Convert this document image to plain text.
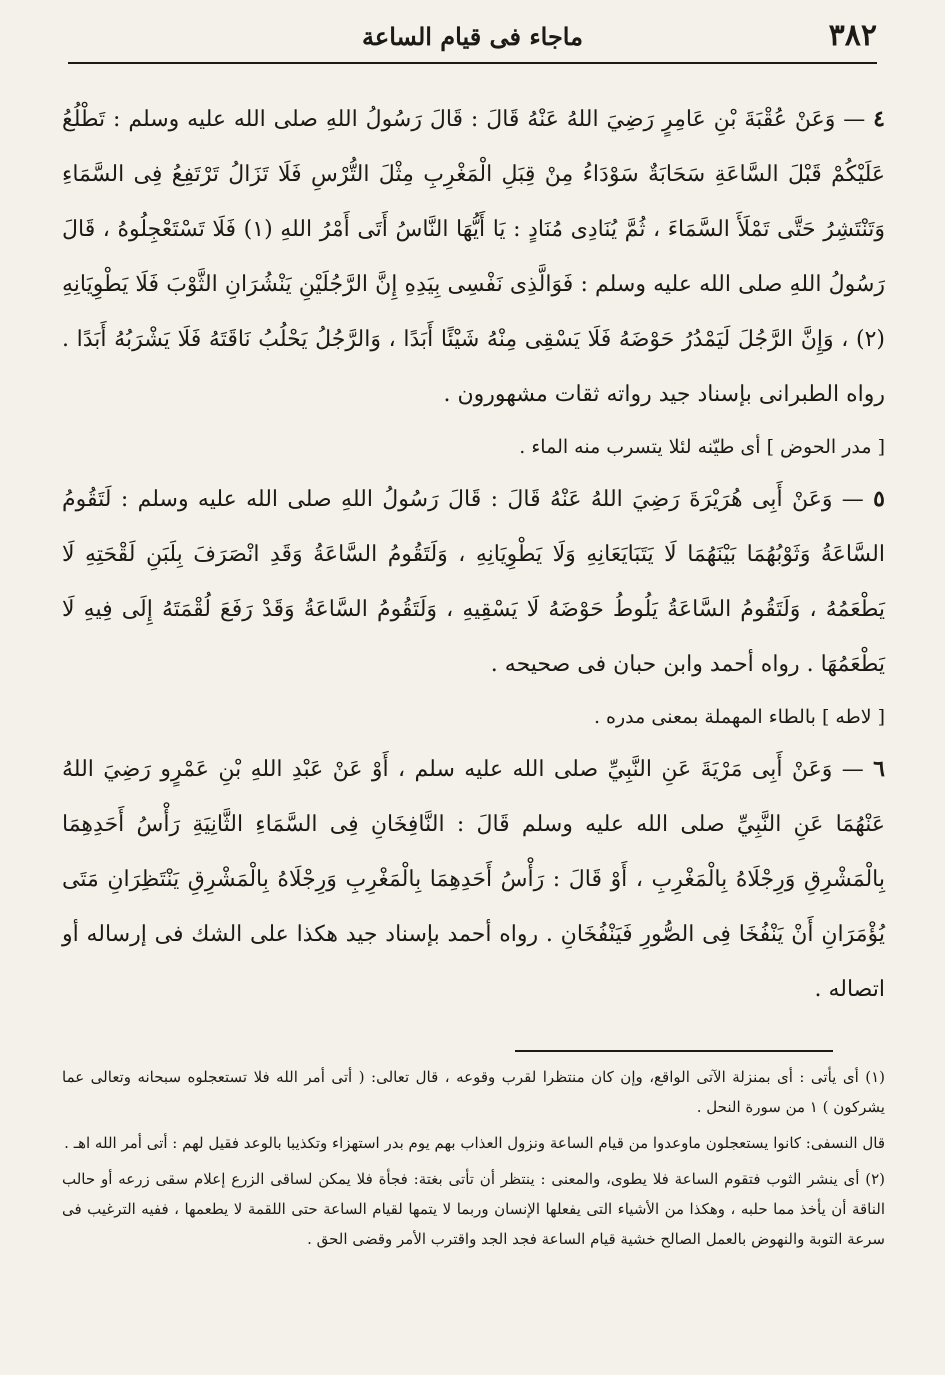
٣٨٢
ماجاء فى قيام الساعة

٤ — وَعَنْ عُقْبَةَ بْنِ عَامِرٍ رَضِيَ اللهُ عَنْهُ قَالَ : قَالَ رَسُولُ اللهِ صلى الله عليه وسلم : تَطْلُعُ عَلَيْكُمْ قَبْلَ السَّاعَةِ سَحَابَةٌ سَوْدَاءُ مِنْ قِبَلِ الْمَغْرِبِ مِثْلَ التُّرْسِ فَلَا تَزَالُ تَرْتَفِعُ فِى السَّمَاءِ وَتَنْتَشِرُ حَتَّى تَمْلَأَ السَّمَاءَ ، ثُمَّ يُنَادِى مُنَادٍ : يَا أَيُّهَا النَّاسُ أَتَى أَمْرُ اللهِ (١) فَلَا تَسْتَعْجِلُوهُ ، قَالَ رَسُولُ اللهِ صلى الله عليه وسلم : فَوَالَّذِى نَفْسِى بِيَدِهِ إِنَّ الرَّجُلَيْنِ يَنْشُرَانِ الثَّوْبَ فَلَا يَطْوِيَانِهِ (٢) ، وَإِنَّ الرَّجُلَ لَيَمْدُرُ حَوْضَهُ فَلَا يَسْقِى مِنْهُ شَيْئًا أَبَدًا ، وَالرَّجُلُ يَحْلُبُ نَاقَتَهُ فَلَا يَشْرَبُهُ أَبَدًا . رواه الطبرانى بإسناد جيد رواته ثقات مشهورون .

[ مدر الحوض ] أى طيّنه لئلا يتسرب منه الماء .

٥ — وَعَنْ أَبِى هُرَيْرَةَ رَضِيَ اللهُ عَنْهُ قَالَ : قَالَ رَسُولُ اللهِ صلى الله عليه وسلم : لَتَقُومُ السَّاعَةُ وَثَوْبُهُمَا بَيْنَهُمَا لَا يَتَبَايَعَانِهِ وَلَا يَطْوِيَانِهِ ، وَلَتَقُومُ السَّاعَةُ وَقَدِ انْصَرَفَ بِلَبَنِ لَقْحَتِهِ لَا يَطْعَمُهُ ، وَلَتَقُومُ السَّاعَةُ يَلُوطُ حَوْضَهُ لَا يَسْقِيهِ ، وَلَتَقُومُ السَّاعَةُ وَقَدْ رَفَعَ لُقْمَتَهُ إِلَى فِيهِ لَا يَطْعَمُهَا . رواه أحمد وابن حبان فى صحيحه .

[ لاطه ] بالطاء المهملة بمعنى مدره .

٦ — وَعَنْ أَبِى مَرْيَةَ عَنِ النَّبِيِّ صلى الله عليه سلم ، أَوْ عَنْ عَبْدِ اللهِ بْنِ عَمْرٍو رَضِيَ اللهُ عَنْهُمَا عَنِ النَّبِيِّ صلى الله عليه وسلم قَالَ : النَّافِخَانِ فِى السَّمَاءِ الثَّانِيَةِ رَأْسُ أَحَدِهِمَا بِالْمَشْرِقِ وَرِجْلَاهُ بِالْمَغْرِبِ ، أَوْ قَالَ : رَأْسُ أَحَدِهِمَا بِالْمَغْرِبِ وَرِجْلَاهُ بِالْمَشْرِقِ يَنْتَظِرَانِ مَتَى يُؤْمَرَانِ أَنْ يَنْفُخَا فِى الصُّورِ فَيَنْفُخَانِ . رواه أحمد بإسناد جيد هكذا على الشك فى إرساله أو اتصاله .

(١) أى يأتى : أى بمنزلة الآتى الواقع، وإن كان منتظرا لقرب وقوعه ، قال تعالى: ( أتى أمر الله فلا تستعجلوه سبحانه وتعالى عما يشركون ) ١ من سورة النحل .

قال النسفى: كانوا يستعجلون ماوعدوا من قيام الساعة ونزول العذاب بهم يوم بدر استهزاء وتكذيبا بالوعد فقيل لهم : أتى أمر الله اهـ .

(٢) أى ينشر الثوب فتقوم الساعة فلا يطوى، والمعنى : ينتظر أن تأتى بغتة: فجأة فلا يمكن لساقى الزرع إعلام سقى زرعه أو حالب الناقة أن يأخذ مما حلبه ، وهكذا من الأشياء التى يفعلها الإنسان وربما لا يتمها لقيام الساعة حتى اللقمة لا يطعمها ، ففيه الترغيب فى سرعة التوبة والنهوض بالعمل الصالح خشية قيام الساعة فجد الجد واقترب الأمر وقضى الحق .
